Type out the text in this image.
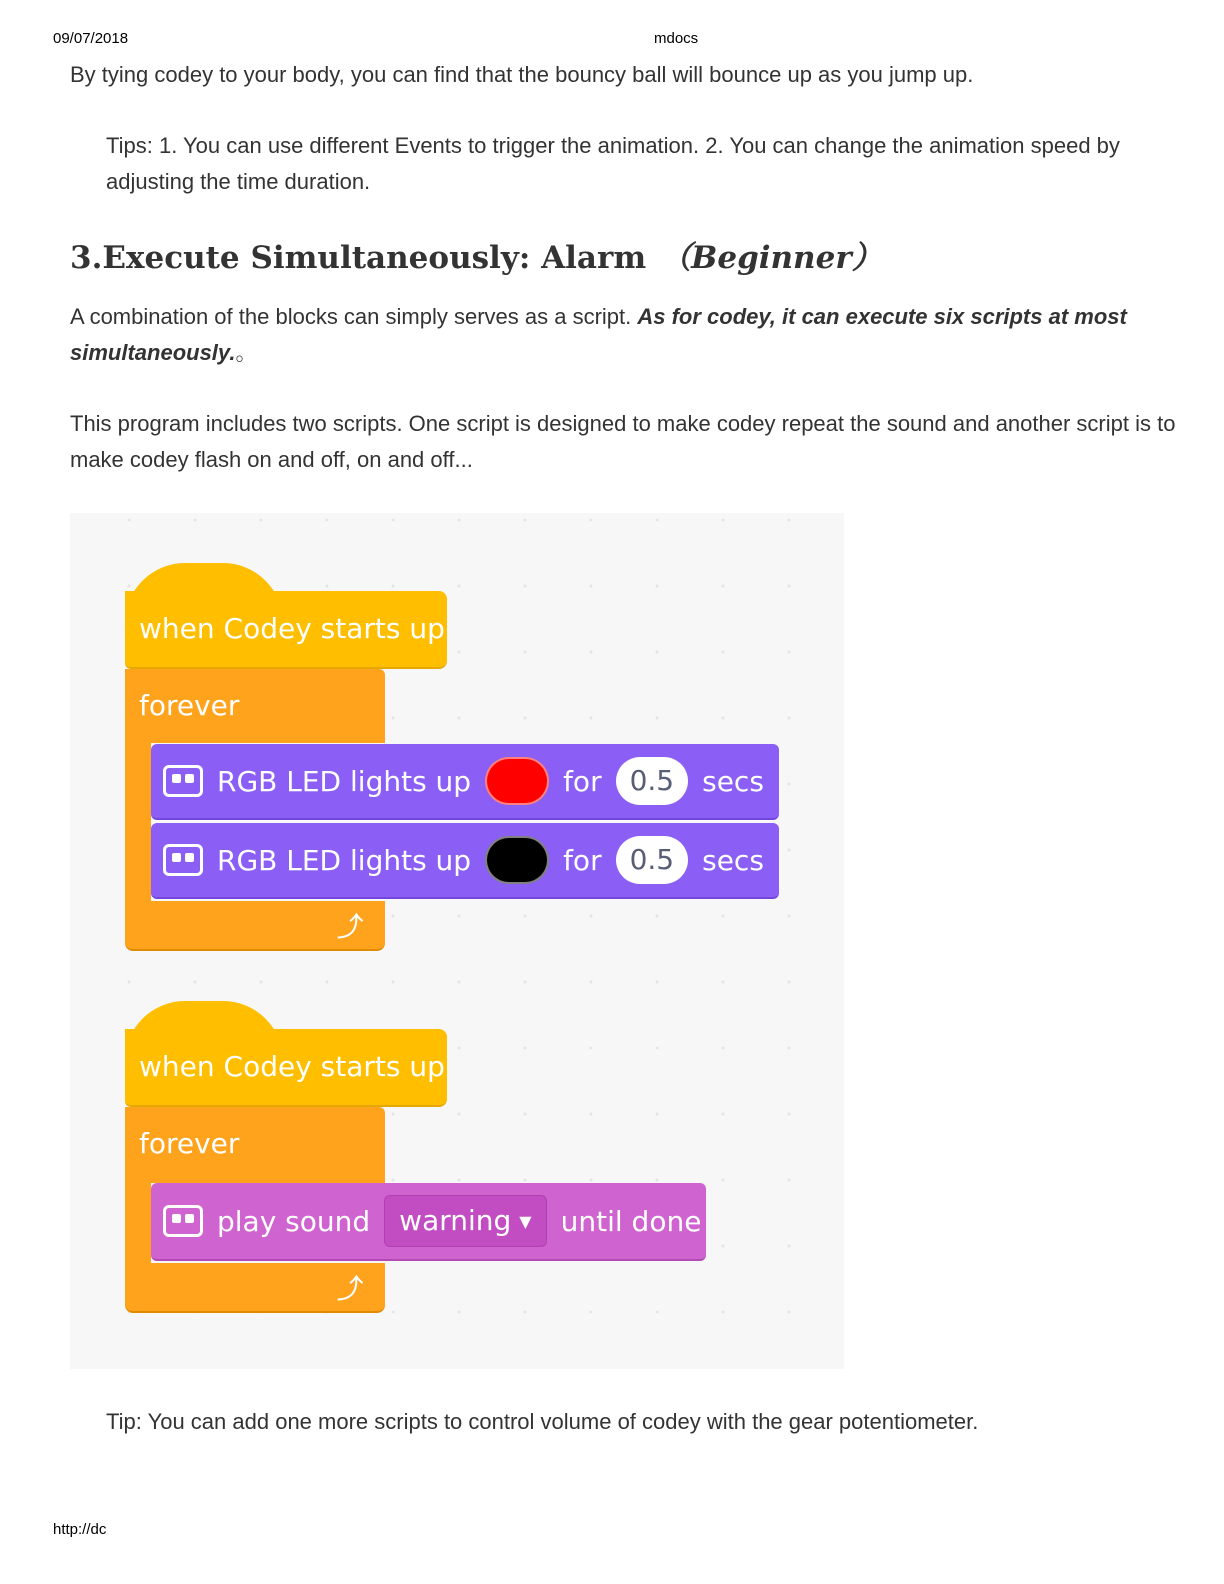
09/07/2018	mdocs
By tying codey to your body, you can find that the bouncy ball will bounce up as you jump up.
Tips: 1. You can use different Events to trigger the animation. 2. You can change the animation speed by adjusting the time duration.
3.Execute Simultaneously: Alarm （Beginner）
A combination of the blocks can simply serves as a script. As for codey, it can execute six scripts at most simultaneously.。
This program includes two scripts. One script is designed to make codey repeat the sound and another script is to make codey flash on and off, on and off...
when Codey starts up
forever
RGB LED lights up	for	0.5	secs
RGB LED lights up	for	0.5	secs
⤴
when Codey starts up
forever
play sound	warning ▼	until done
⤴
Tip: You can add one more scripts to control volume of codey with the gear potentiometer.
http://dc
